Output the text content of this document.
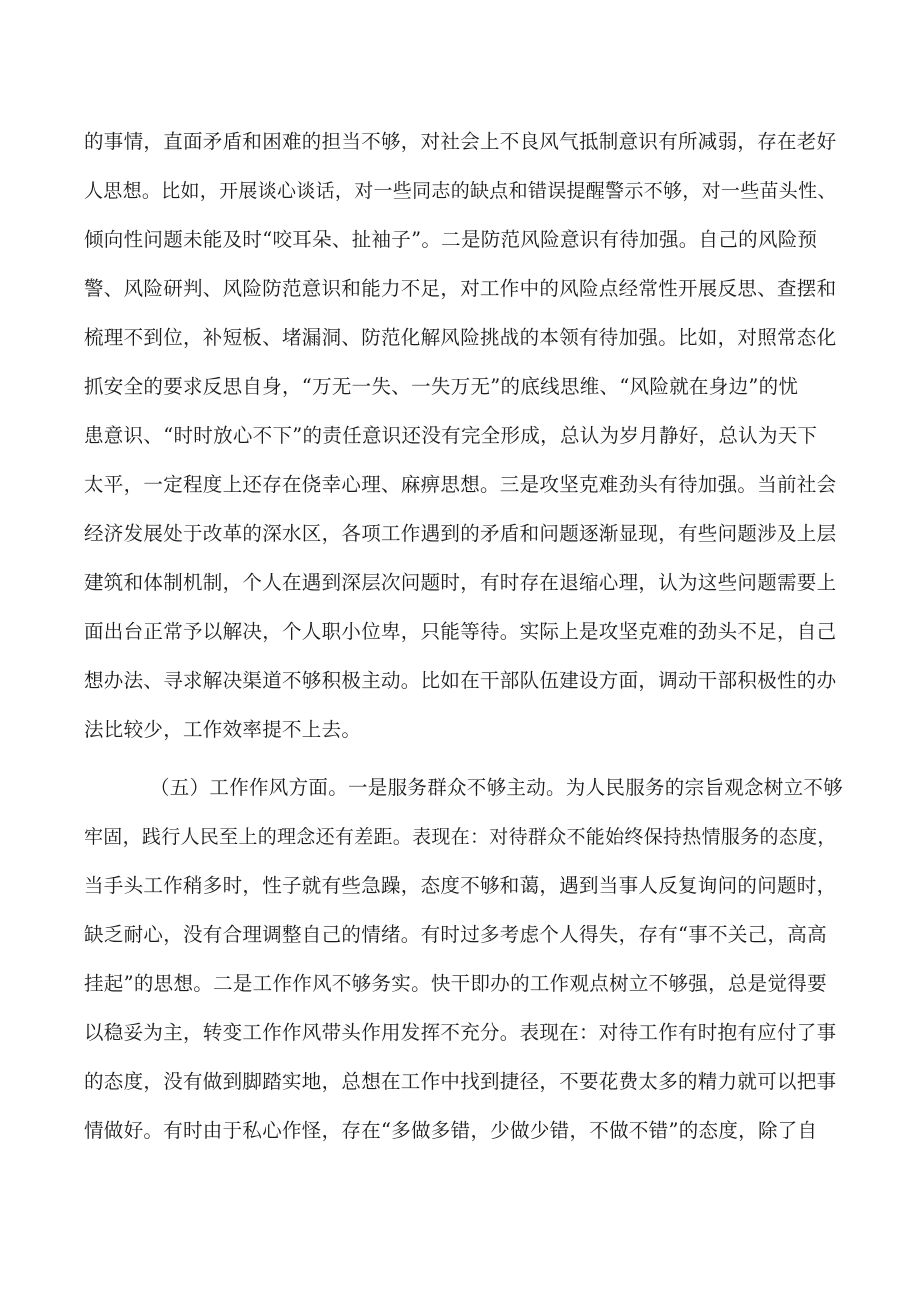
的事情，直面矛盾和困难的担当不够，对社会上不良风气抵制意识有所减弱，存在老好
人思想。比如，开展谈心谈话，对一些同志的缺点和错误提醒警示不够，对一些苗头性、
倾向性问题未能及时“咬耳朵、扯袖子”。二是防范风险意识有待加强。自己的风险预
警、风险研判、风险防范意识和能力不足，对工作中的风险点经常性开展反思、查摆和
梳理不到位，补短板、堵漏洞、防范化解风险挑战的本领有待加强。比如，对照常态化
抓安全的要求反思自身，“万无一失、一失万无”的底线思维、“风险就在身边”的忧
患意识、“时时放心不下”的责任意识还没有完全形成，总认为岁月静好，总认为天下
太平，一定程度上还存在侥幸心理、麻痹思想。三是攻坚克难劲头有待加强。当前社会
经济发展处于改革的深水区，各项工作遇到的矛盾和问题逐渐显现，有些问题涉及上层
建筑和体制机制，个人在遇到深层次问题时，有时存在退缩心理，认为这些问题需要上
面出台正常予以解决，个人职小位卑，只能等待。实际上是攻坚克难的劲头不足，自己
想办法、寻求解决渠道不够积极主动。比如在干部队伍建设方面，调动干部积极性的办
法比较少，工作效率提不上去。
（五）工作作风方面。一是服务群众不够主动。为人民服务的宗旨观念树立不够
牢固，践行人民至上的理念还有差距。表现在：对待群众不能始终保持热情服务的态度，
当手头工作稍多时，性子就有些急躁，态度不够和蔼，遇到当事人反复询问的问题时，
缺乏耐心，没有合理调整自己的情绪。有时过多考虑个人得失，存有“事不关己，高高
挂起”的思想。二是工作作风不够务实。快干即办的工作观点树立不够强，总是觉得要
以稳妥为主，转变工作作风带头作用发挥不充分。表现在：对待工作有时抱有应付了事
的态度，没有做到脚踏实地，总想在工作中找到捷径，不要花费太多的精力就可以把事
情做好。有时由于私心作怪，存在“多做多错，少做少错，不做不错”的态度，除了自
